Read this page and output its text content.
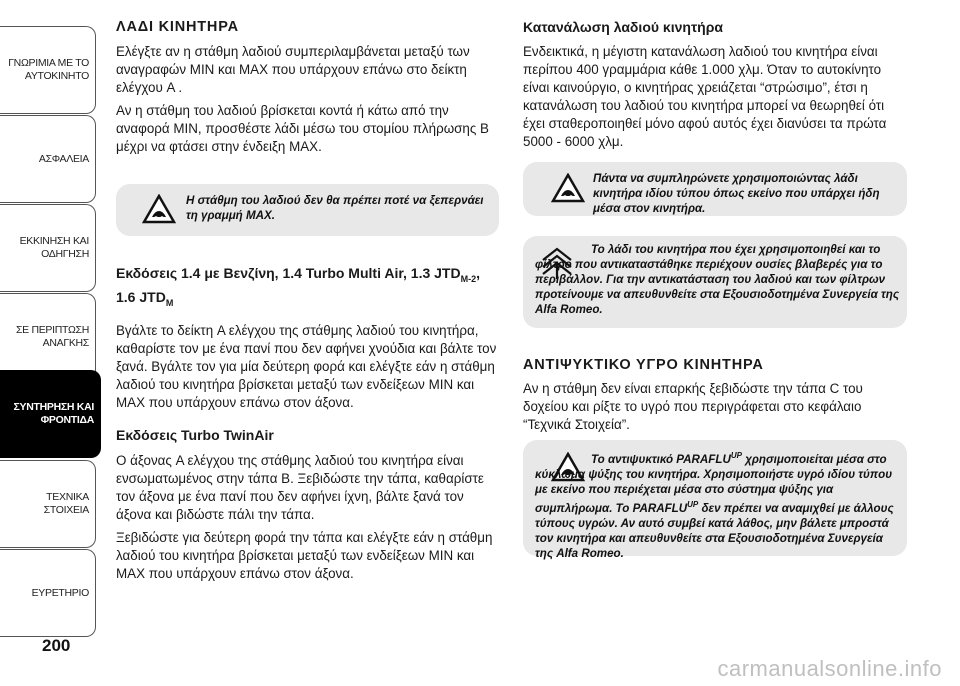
ΓΝΩΡΙΜΙΑ ΜΕ ΤΟ ΑΥΤΟΚΙΝΗΤΟ
ΑΣΦΑΛΕΙΑ
ΕΚΚΙΝΗΣΗ ΚΑΙ ΟΔΗΓΗΣΗ
ΣΕ ΠΕΡΙΠΤΩΣΗ ΑΝΑΓΚΗΣ
ΣΥΝΤΗΡΗΣΗ ΚΑΙ ΦΡΟΝΤΙΔΑ
ΤΕΧΝΙΚΑ ΣΤΟΙΧΕΙΑ
ΕΥΡΕΤΗΡΙΟ
200
ΛΑΔΙ ΚΙΝΗΤΗΡΑ

Ελέγξτε αν η στάθμη λαδιού συμπεριλαμβάνεται μεταξύ των αναγραφών MIN και MAX που υπάρχουν επάνω στο δείκτη ελέγχου A .

Αν η στάθμη του λαδιού βρίσκεται κοντά ή κάτω από την αναφορά MIN, προσθέστε λάδι μέσω του στομίου πλήρωσης B μέχρι να φτάσει στην ένδειξη MAX.

Η στάθμη του λαδιού δεν θα πρέπει ποτέ να ξεπερνάει τη γραμμή MAX.
Εκδόσεις 1.4 με Βενζίνη, 1.4 Turbo Multi Air, 1.3 $JTD_{M-2}$, 1.6 $JTD_M$

Βγάλτε το δείκτη A ελέγχου της στάθμης λαδιού του κινητήρα, καθαρίστε τον με ένα πανί που δεν αφήνει χνούδια και βάλτε τον ξανά. Βγάλτε τον για μία δεύτερη φορά και ελέγξτε εάν η στάθμη λαδιού του κινητήρα βρίσκεται μεταξύ των ενδείξεων MIN και MAX που υπάρχουν επάνω στον άξονα.

Εκδόσεις Turbo TwinAir

Ο άξονας A ελέγχου της στάθμης λαδιού του κινητήρα είναι ενσωματωμένος στην τάπα B. Ξεβιδώστε την τάπα, καθαρίστε τον άξονα με ένα πανί που δεν αφήνει ίχνη, βάλτε ξανά τον άξονα και βιδώστε πάλι την τάπα.

Ξεβιδώστε για δεύτερη φορά την τάπα και ελέγξτε εάν η στάθμη λαδιού του κινητήρα βρίσκεται μεταξύ των ενδείξεων MIN και MAX που υπάρχουν επάνω στον άξονα.

Κατανάλωση λαδιού κινητήρα

Ενδεικτικά, η μέγιστη κατανάλωση λαδιού του κινητήρα είναι περίπου 400 γραμμάρια κάθε 1.000 χλμ. Όταν το αυτοκίνητο είναι καινούργιο, ο κινητήρας χρειάζεται “στρώσιμο”, έτσι η κατανάλωση του λαδιού του κινητήρα μπορεί να θεωρηθεί ότι έχει σταθεροποιηθεί μόνο αφού αυτός έχει διανύσει τα πρώτα 5000 - 6000 χλμ.

Πάντα να συμπληρώνετε χρησιμοποιώντας λάδι κινητήρα ιδίου τύπου όπως εκείνο που υπάρχει ήδη μέσα στον κινητήρα.
Το λάδι του κινητήρα που έχει χρησιμοποιηθεί και το φίλτρο που αντικαταστάθηκε περιέχουν ουσίες βλαβερές για το περιβάλλον. Για την αντικατάσταση του λαδιού και των φίλτρων προτείνουμε να απευθυνθείτε στα Εξουσιοδοτημένα Συνεργεία της Alfa Romeo.
ΑΝΤΙΨΥΚΤΙΚΟ ΥΓΡΟ ΚΙΝΗΤΗΡΑ

Αν η στάθμη δεν είναι επαρκής ξεβιδώστε την τάπα C του δοχείου και ρίξτε το υγρό που περιγράφεται στο κεφάλαιο “Τεχνικά Στοιχεία”.

Το αντιψυκτικό $PARAFLU^{UP}$ χρησιμοποιείται μέσα στο κύκλωμα ψύξης του κινητήρα. Χρησιμοποιήστε υγρό ιδίου τύπου με εκείνο που περιέχεται μέσα στο σύστημα ψύξης για συμπλήρωμα. Το $PARAFLU^{UP}$ δεν πρέπει να αναμιχθεί με άλλους τύπους υγρών. Αν αυτό συμβεί κατά λάθος, μην βάλετε μπροστά τον κινητήρα και απευθυνθείτε στα Εξουσιοδοτημένα Συνεργεία της Alfa Romeo.
carmanualsonline.info
